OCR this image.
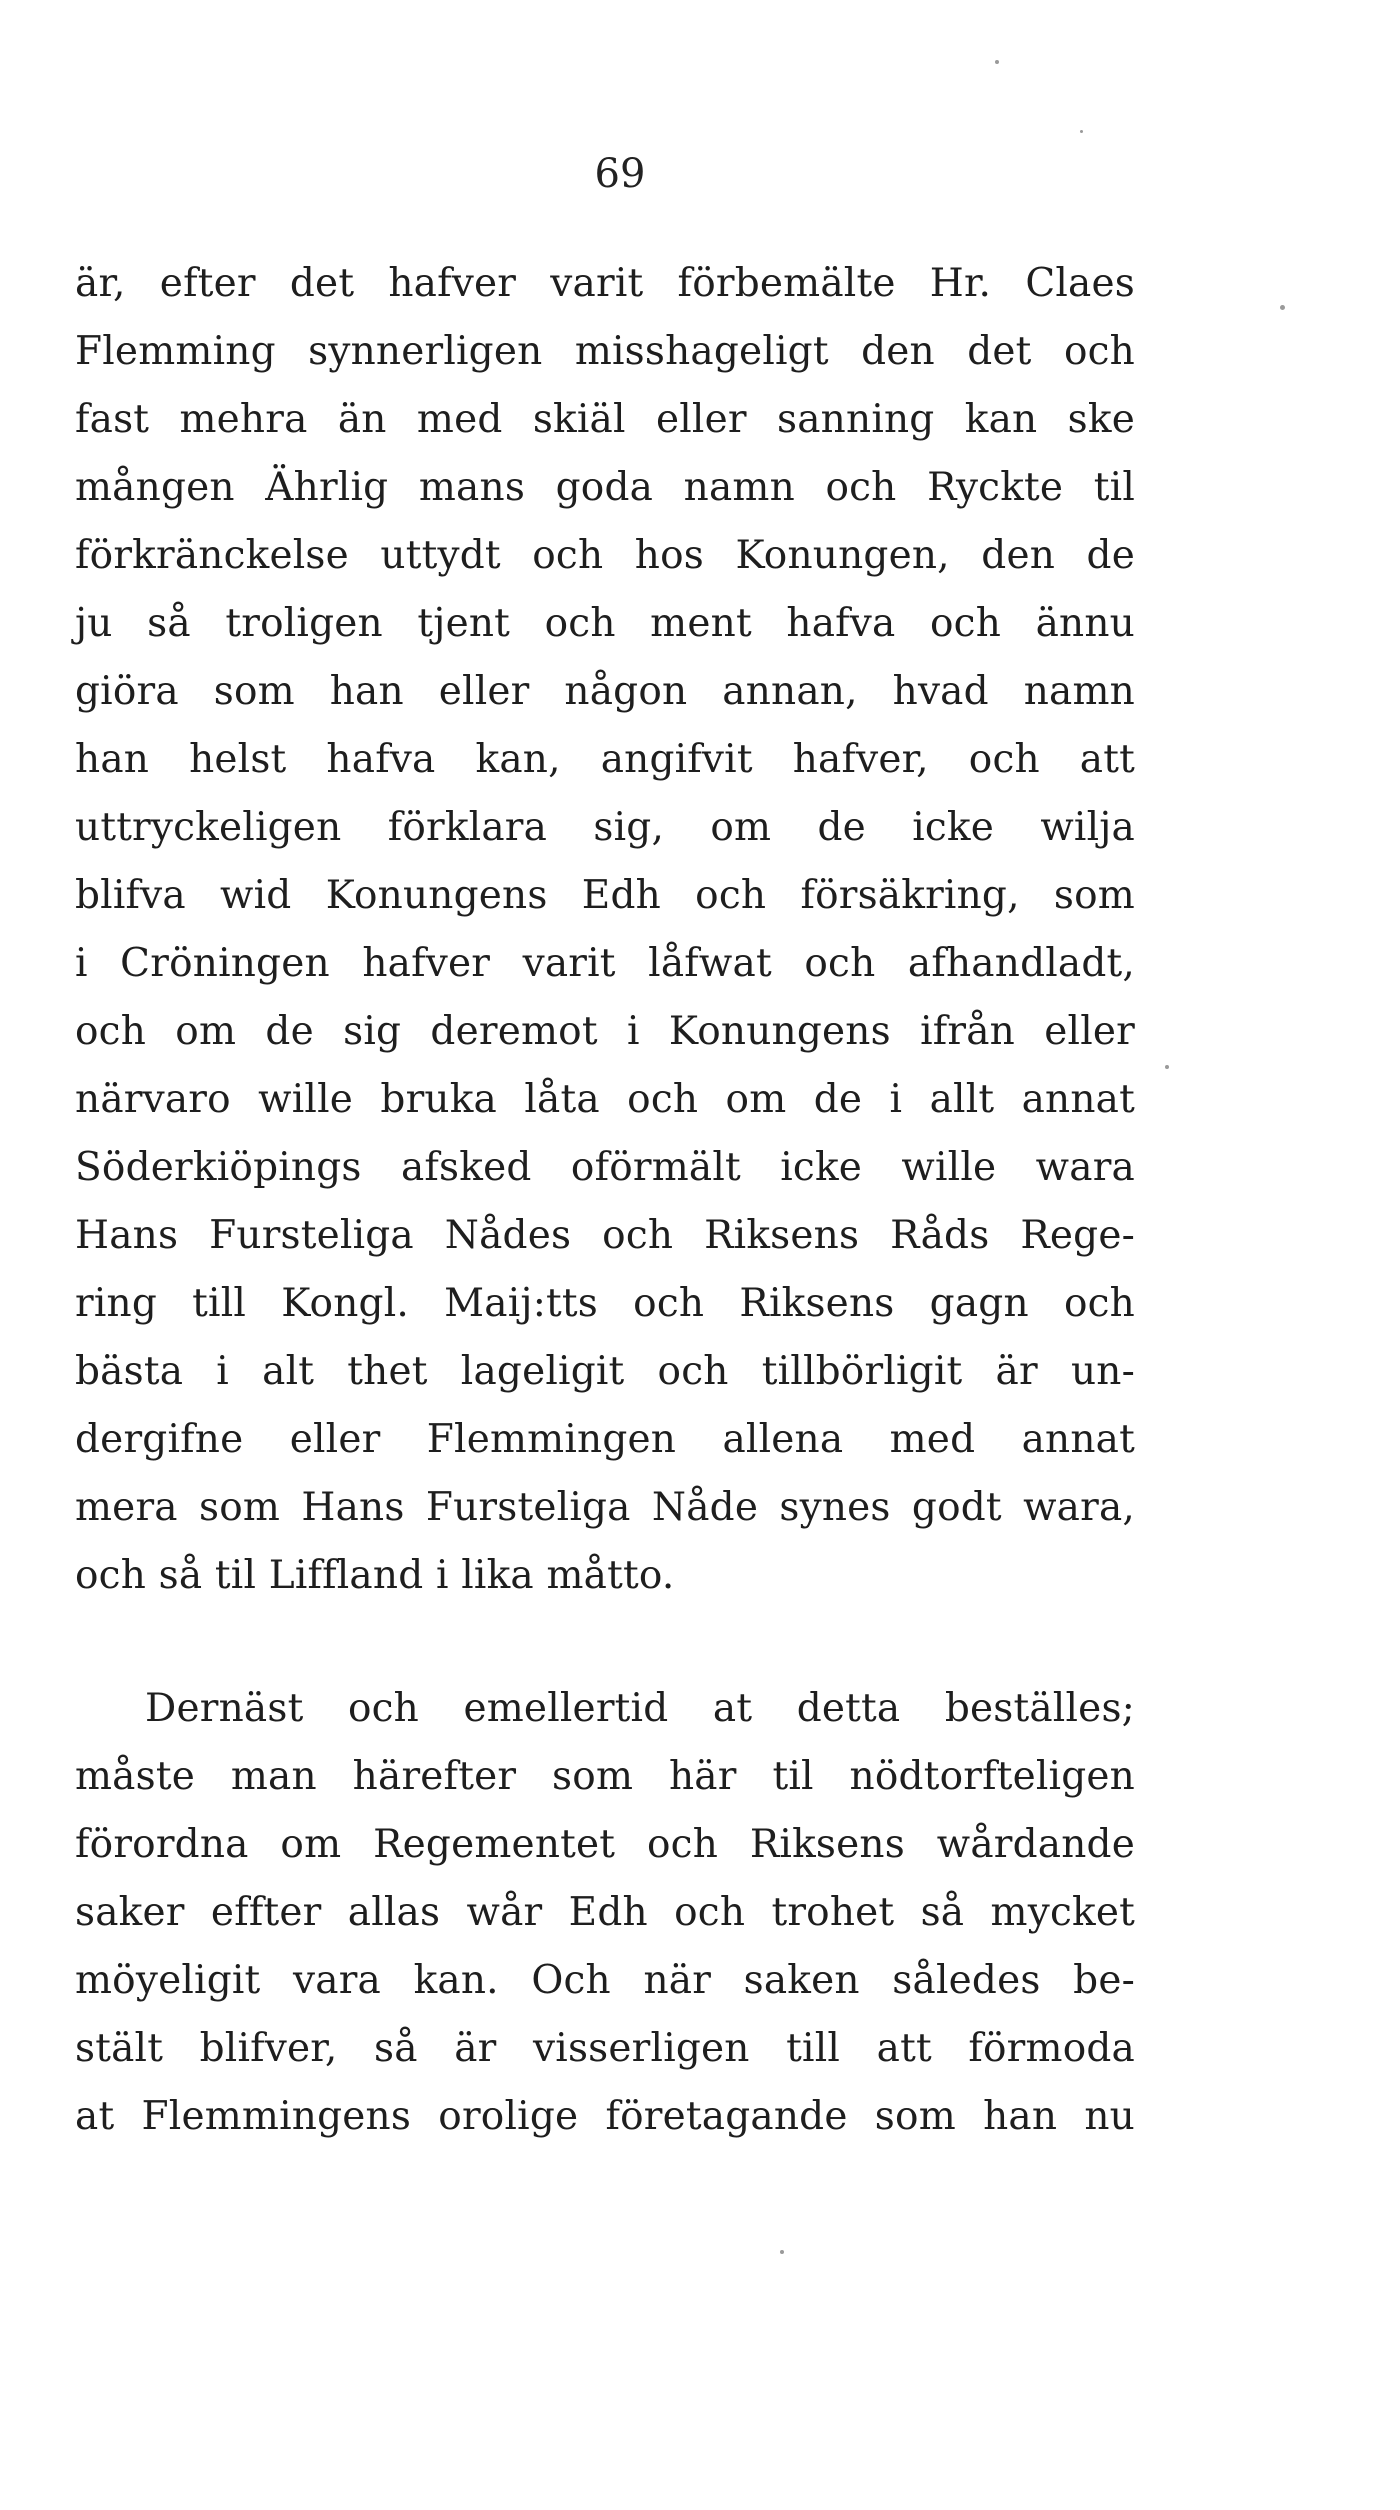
69
är, efter det hafver varit förbemälte Hr. Claes
Flemming synnerligen misshageligt den det och
fast mehra än med skiäl eller sanning kan ske
mången Ährlig mans goda namn och Ryckte til
förkränckelse uttydt och hos Konungen, den de
ju så troligen tjent och ment hafva och ännu
giöra som han eller någon annan, hvad namn
han helst hafva kan, angifvit hafver, och att
uttryckeligen förklara sig, om de icke wilja
blifva wid Konungens Edh och försäkring, som
i Cröningen hafver varit låfwat och afhandladt,
och om de sig deremot i Konungens ifrån eller
närvaro wille bruka låta och om de i allt annat
Söderkiöpings afsked oförmält icke wille wara
Hans Fursteliga Nådes och Riksens Råds Rege-
ring till Kongl. Maij:tts och Riksens gagn och
bästa i alt thet lageligit och tillbörligit är un-
dergifne eller Flemmingen allena med annat
mera som Hans Fursteliga Nåde synes godt wara,
och så til Liffland i lika måtto.
Dernäst och emellertid at detta beställes;
måste man härefter som här til nödtorfteligen
förordna om Regementet och Riksens wårdande
saker effter allas wår Edh och trohet så mycket
möyeligit vara kan. Och när saken således be-
stält blifver, så är visserligen till att förmoda
at Flemmingens orolige företagande som han nu
